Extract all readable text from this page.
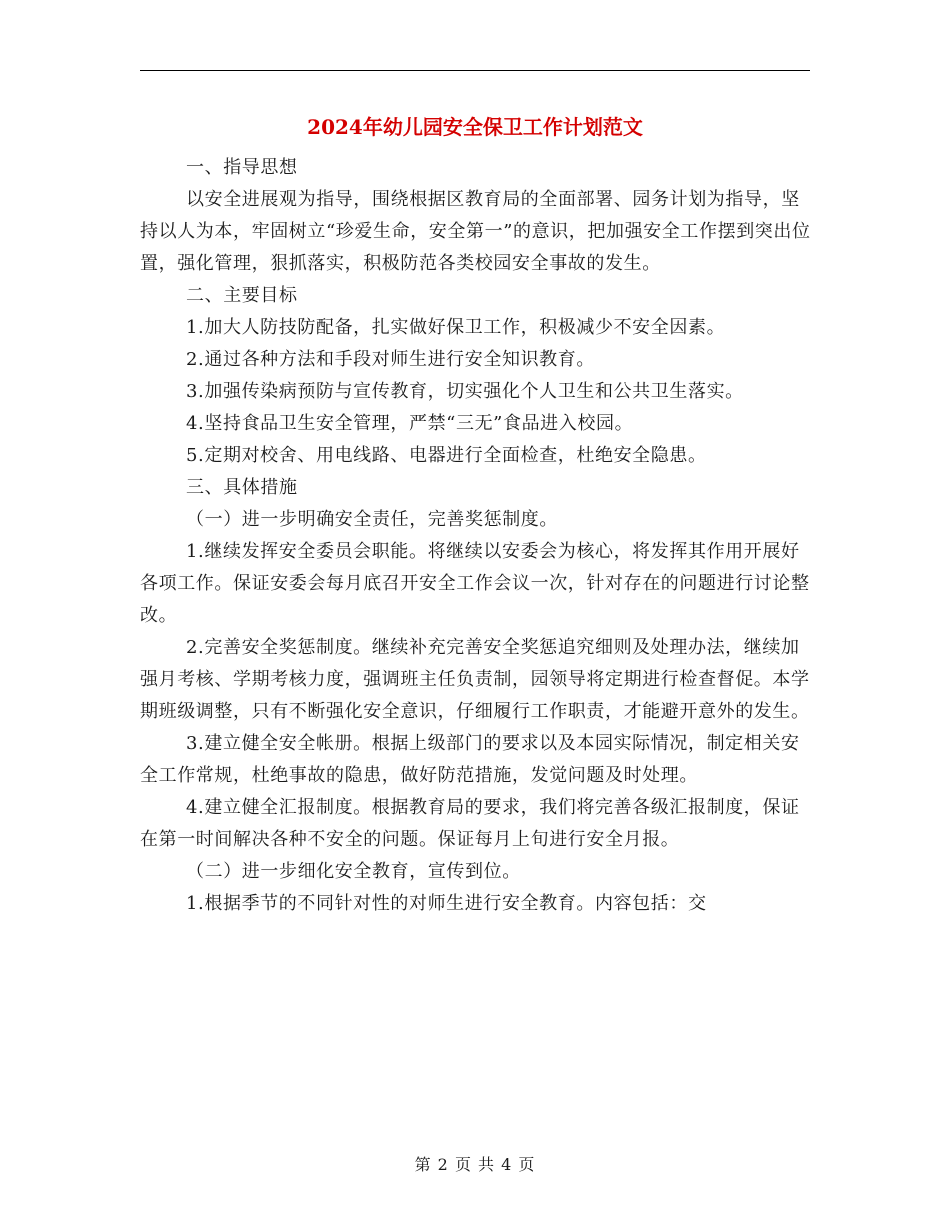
2024年幼儿园安全保卫工作计划范文

一、指导思想

以安全进展观为指导，围绕根据区教育局的全面部署、园务计划为指导，坚持以人为本，牢固树立“珍爱生命，安全第一”的意识，把加强安全工作摆到突出位置，强化管理，狠抓落实，积极防范各类校园安全事故的发生。

二、主要目标

1.加大人防技防配备，扎实做好保卫工作，积极减少不安全因素。

2.通过各种方法和手段对师生进行安全知识教育。

3.加强传染病预防与宣传教育，切实强化个人卫生和公共卫生落实。

4.坚持食品卫生安全管理，严禁“三无”食品进入校园。

5.定期对校舍、用电线路、电器进行全面检查，杜绝安全隐患。

三、具体措施

（一）进一步明确安全责任，完善奖惩制度。

1.继续发挥安全委员会职能。将继续以安委会为核心，将发挥其作用开展好各项工作。保证安委会每月底召开安全工作会议一次，针对存在的问题进行讨论整改。

2.完善安全奖惩制度。继续补充完善安全奖惩追究细则及处理办法，继续加强月考核、学期考核力度，强调班主任负责制，园领导将定期进行检查督促。本学期班级调整，只有不断强化安全意识，仔细履行工作职责，才能避开意外的发生。

3.建立健全安全帐册。根据上级部门的要求以及本园实际情况，制定相关安全工作常规，杜绝事故的隐患，做好防范措施，发觉问题及时处理。

4.建立健全汇报制度。根据教育局的要求，我们将完善各级汇报制度，保证在第一时间解决各种不安全的问题。保证每月上旬进行安全月报。

（二）进一步细化安全教育，宣传到位。

1.根据季节的不同针对性的对师生进行安全教育。内容包括：交

第 2 页 共 4 页
